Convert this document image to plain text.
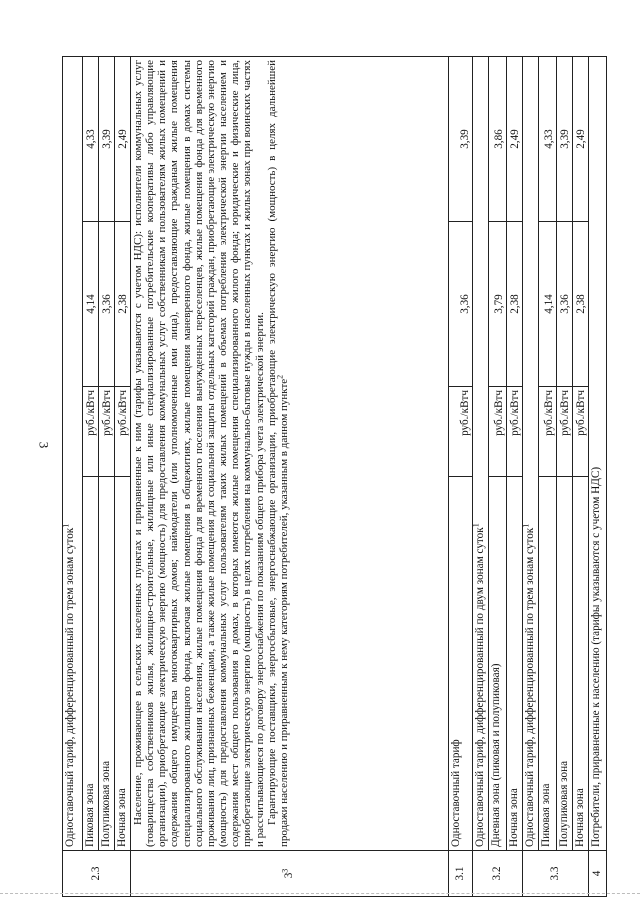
3
2.3	Одноставочный тариф, дифференцированный по трем зонам суток$^1$
	Пиковая зона	руб./кВтч	4,14	4,33
	Полупиковая зона	руб./кВтч	3,36	3,39
	Ночная зона	руб./кВтч	2,38	2,49
$3^3$	Население, проживающее в сельских населенных пунктах и приравненные к ним (тарифы указываются с учетом НДС): исполнители коммунальных услуг (товарищества собственников жилья, жилищно-строительные, жилищные или иные специализированные потребительские кооперативы либо управляющие организации), приобретающие электрическую энергию (мощность) для предоставления коммунальных услуг собственникам и пользователям жилых помещений и содержания общего имущества многоквартирных домов; наймодатели (или уполномоченные ими лица), предоставляющие гражданам жилые помещения специализированного жилищного фонда, включая жилые помещения в общежитиях, жилые помещения маневренного фонда, жилые помещения в домах системы социального обслуживания населения, жилые помещения фонда для временного поселения вынужденных переселенцев, жилые помещения фонда для временного проживания лиц, признанных беженцами, а также жилые помещения для социальной защиты отдельных категорий граждан, приобретающие электрическую энергию (мощность) для предоставления коммунальных услуг пользователям таких жилых помещений в объемах потребления электрической энергии населением и содержания мест общего пользования в домах, в которых имеются жилые помещения специализированного жилого фонда; юридические и физические лица, приобретающие электрическую энергию (мощность) в целях потребления на коммунально-бытовые нужды в населенных пунктах и жилых зонах при воинских частях и рассчитывающиеся по договору энергоснабжения по показаниям общего прибора учета электрической энергии. Гарантирующие поставщики, энергосбытовые, энергоснабжающие организации, приобретающие электрическую энергию (мощность) в целях дальнейшей продажи населению и приравненным к нему категориям потребителей, указанным в данном пункте$^2$

3.1	Одноставочный тариф	руб./кВтч	3,36	3,39
3.2	Одноставочный тариф, дифференцированный по двум зонам суток$^1$
	Дневная зона (пиковая и полупиковая)	руб./кВтч	3,79	3,86
	Ночная зона	руб./кВтч	2,38	2,49
3.3	Одноставочный тариф, дифференцированный по трем зонам суток$^1$
	Пиковая зона	руб./кВтч	4,14	4,33
	Полупиковая зона	руб./кВтч	3,36	3,39
	Ночная зона	руб./кВтч	2,38	2,49
4	Потребители, приравненные к населению (тарифы указываются с учетом НДС)			
